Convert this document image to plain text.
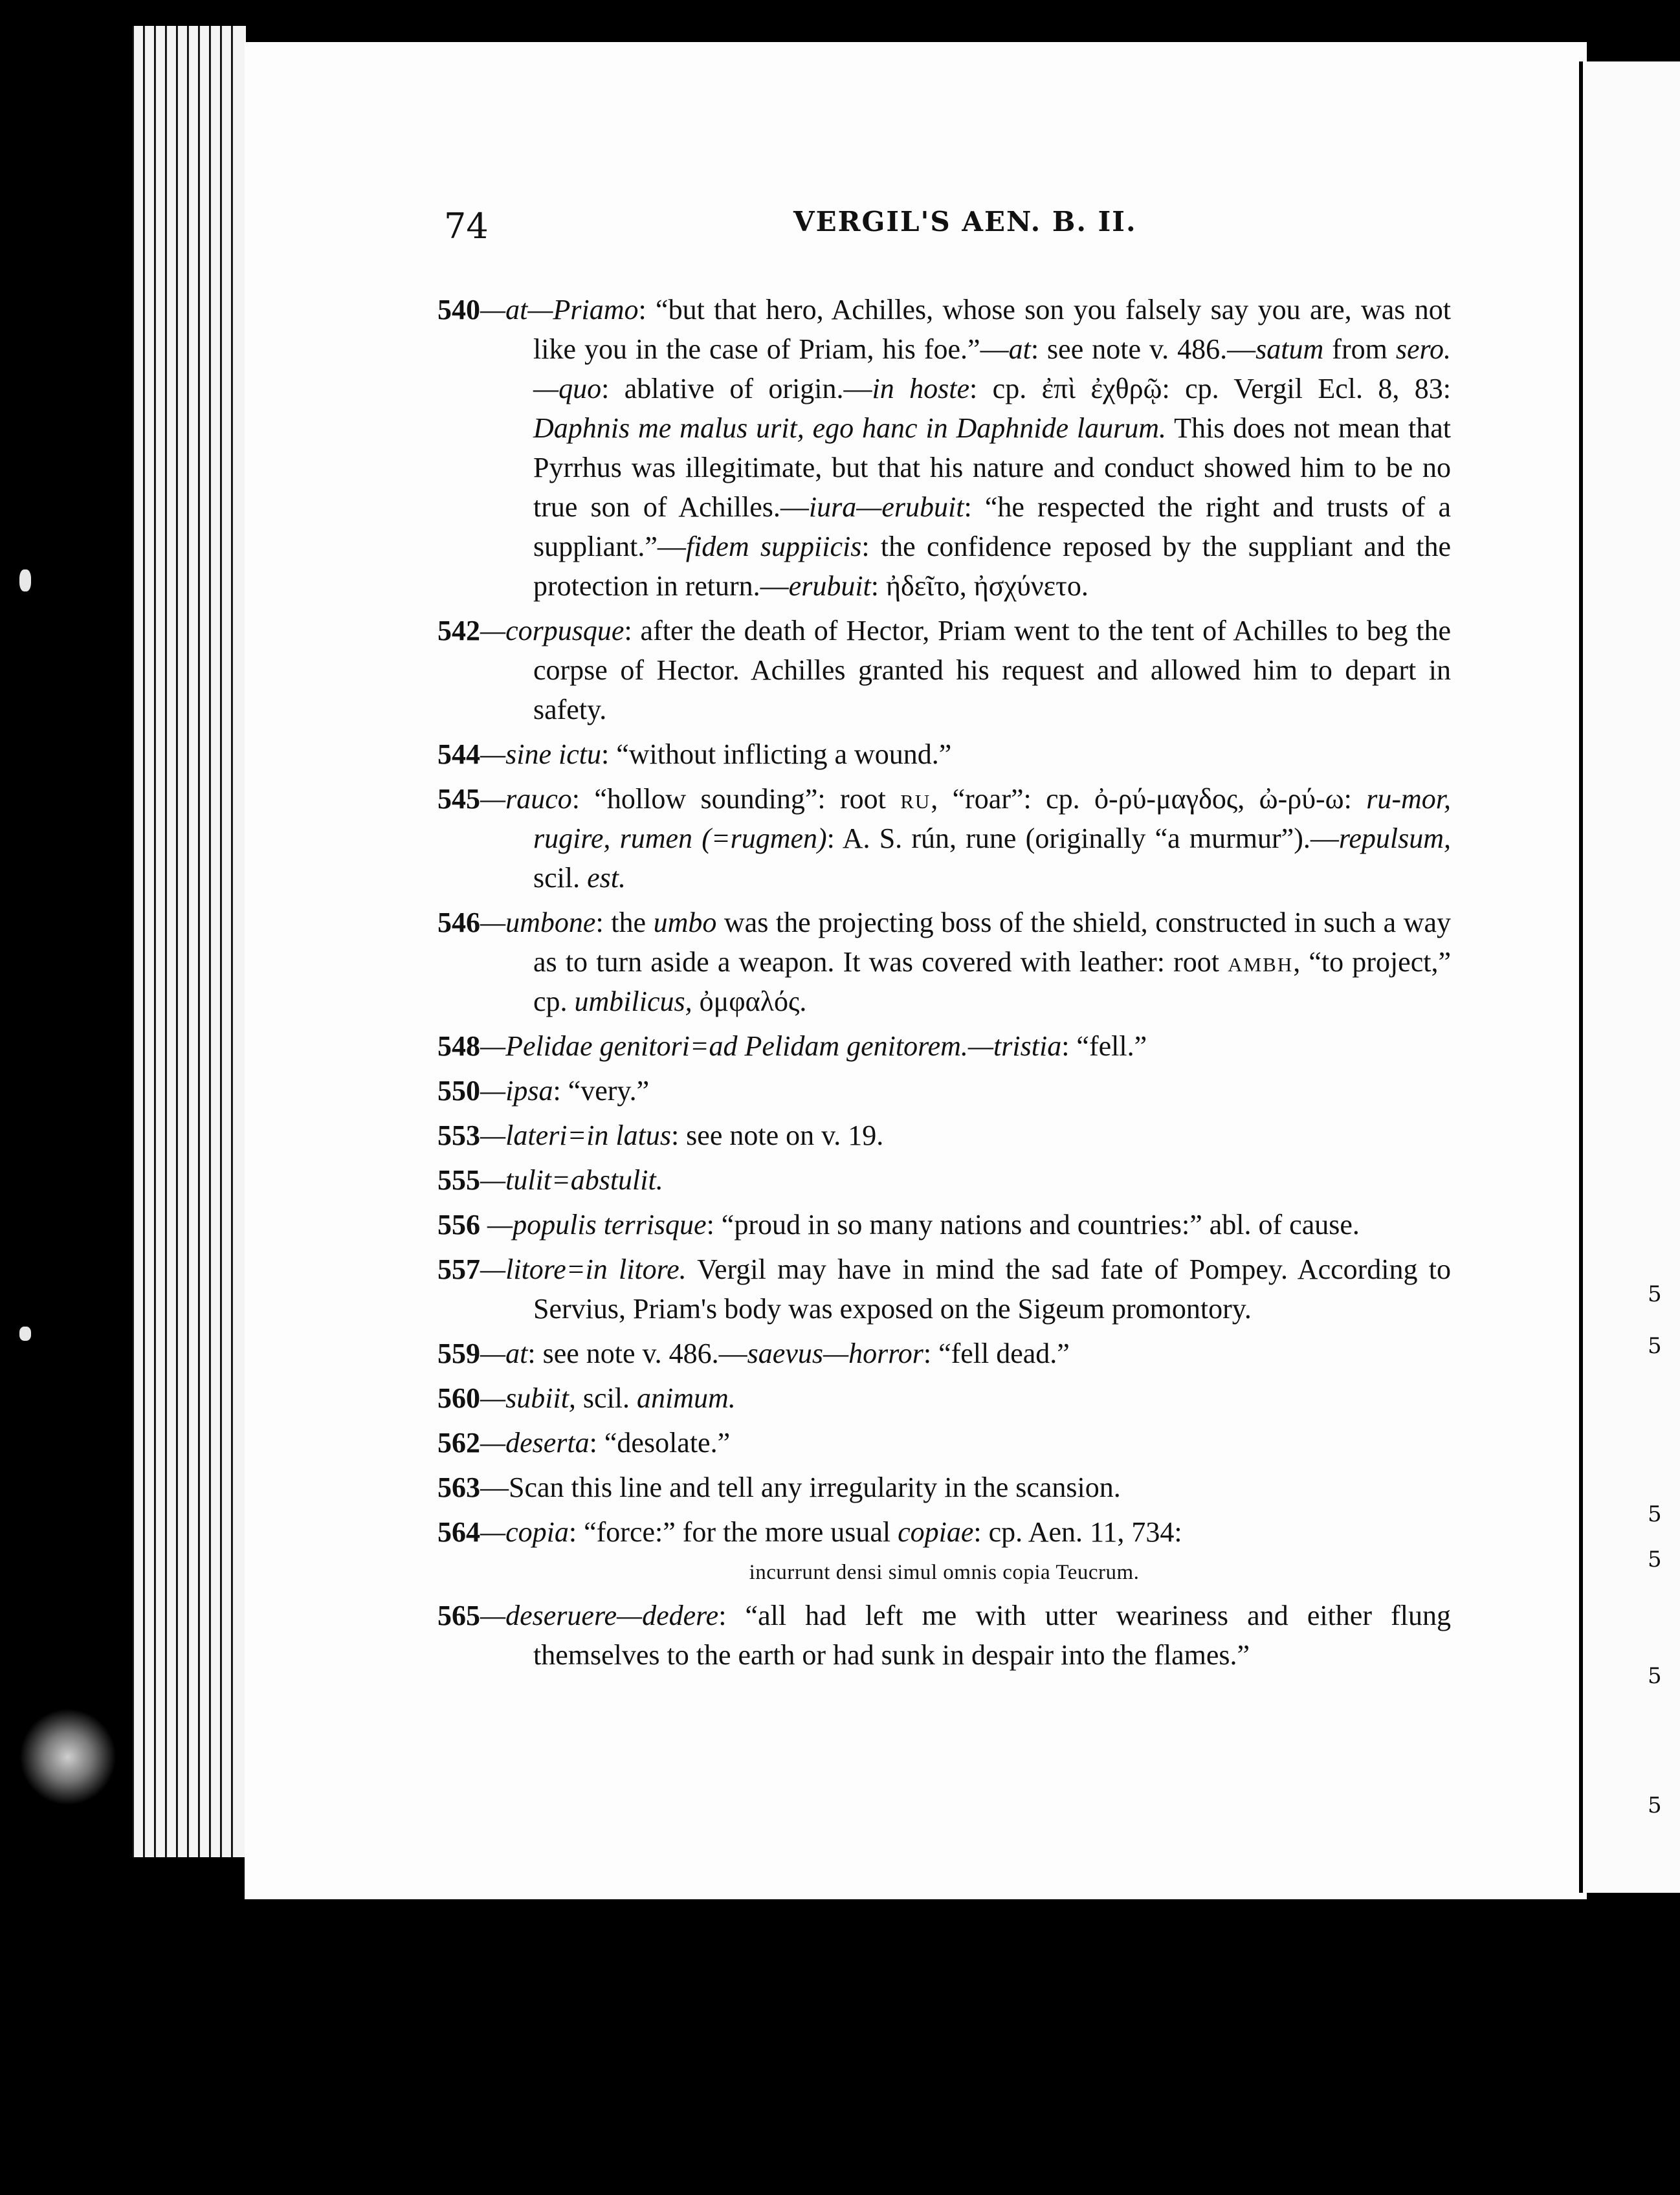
5
5
5
5
5
5
74	VERGIL'S AEN. B. II.
540—at—Priamo: “but that hero, Achilles, whose son you falsely say you are, was not like you in the case of Priam, his foe.”—at: see note v. 486.—satum from sero.—quo: ablative of origin.—in hoste: cp. ἐπὶ ἐχθρῷ: cp. Vergil Ecl. 8, 83: Daphnis me malus urit, ego hanc in Daphnide laurum. This does not mean that Pyrrhus was illegitimate, but that his nature and conduct showed him to be no true son of Achilles.—iura—erubuit: “he respected the right and trusts of a suppliant.”—fidem suppiicis: the confidence reposed by the suppliant and the protection in return.—erubuit: ἠδεῖτο, ἠσχύνετο.
542—corpusque: after the death of Hector, Priam went to the tent of Achilles to beg the corpse of Hector. Achilles granted his request and allowed him to depart in safety.
544—sine ictu: “without inflicting a wound.”
545—rauco: “hollow sounding”: root ru, “roar”: cp. ὀ-ρύ-μαγδος, ὠ-ρύ-ω: ru-mor, rugire, rumen (=rugmen): A. S. rún, rune (originally “a murmur”).—repulsum, scil. est.
546—umbone: the umbo was the projecting boss of the shield, constructed in such a way as to turn aside a weapon. It was covered with leather: root ambh, “to project,” cp. umbilicus, ὀμφαλός.
548—Pelidae genitori=ad Pelidam genitorem.—tristia: “fell.”
550—ipsa: “very.”
553—lateri=in latus: see note on v. 19.
555—tulit=abstulit.
556 —populis terrisque: “proud in so many nations and countries:” abl. of cause.
557—litore=in litore. Vergil may have in mind the sad fate of Pompey. According to Servius, Priam's body was exposed on the Sigeum promontory.
559—at: see note v. 486.—saevus—horror: “fell dead.”
560—subiit, scil. animum.
562—deserta: “desolate.”
563—Scan this line and tell any irregularity in the scansion.
564—copia: “force:” for the more usual copiae: cp. Aen. 11, 734:
incurrunt densi simul omnis copia Teucrum.
565—deseruere—dedere: “all had left me with utter weariness and either flung themselves to the earth or had sunk in despair into the flames.”
